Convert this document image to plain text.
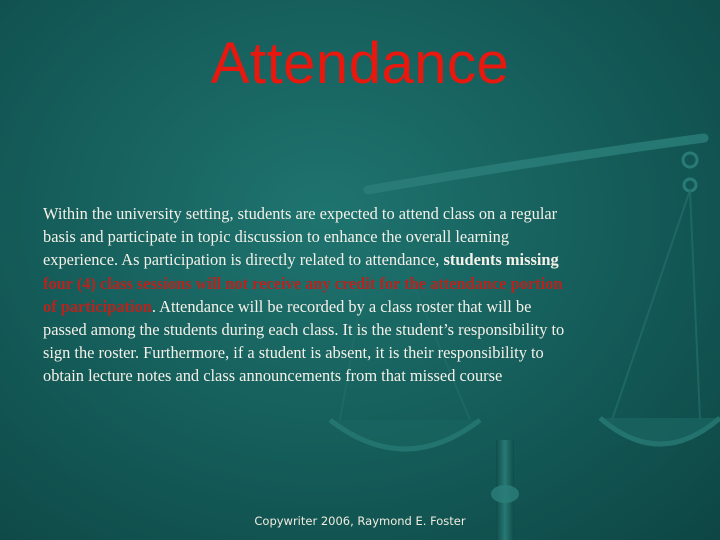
Attendance
Within the university setting, students are expected to attend class on a regular
basis and participate in topic discussion to enhance the overall learning
experience. As participation is directly related to attendance, students missing
four (4) class sessions will not receive any credit for the attendance portion
of participation. Attendance will be recorded by a class roster that will be
passed among the students during each class. It is the student’s responsibility to
sign the roster. Furthermore, if a student is absent, it is their responsibility to
obtain lecture notes and class announcements from that missed course
Copywriter 2006, Raymond E. Foster
